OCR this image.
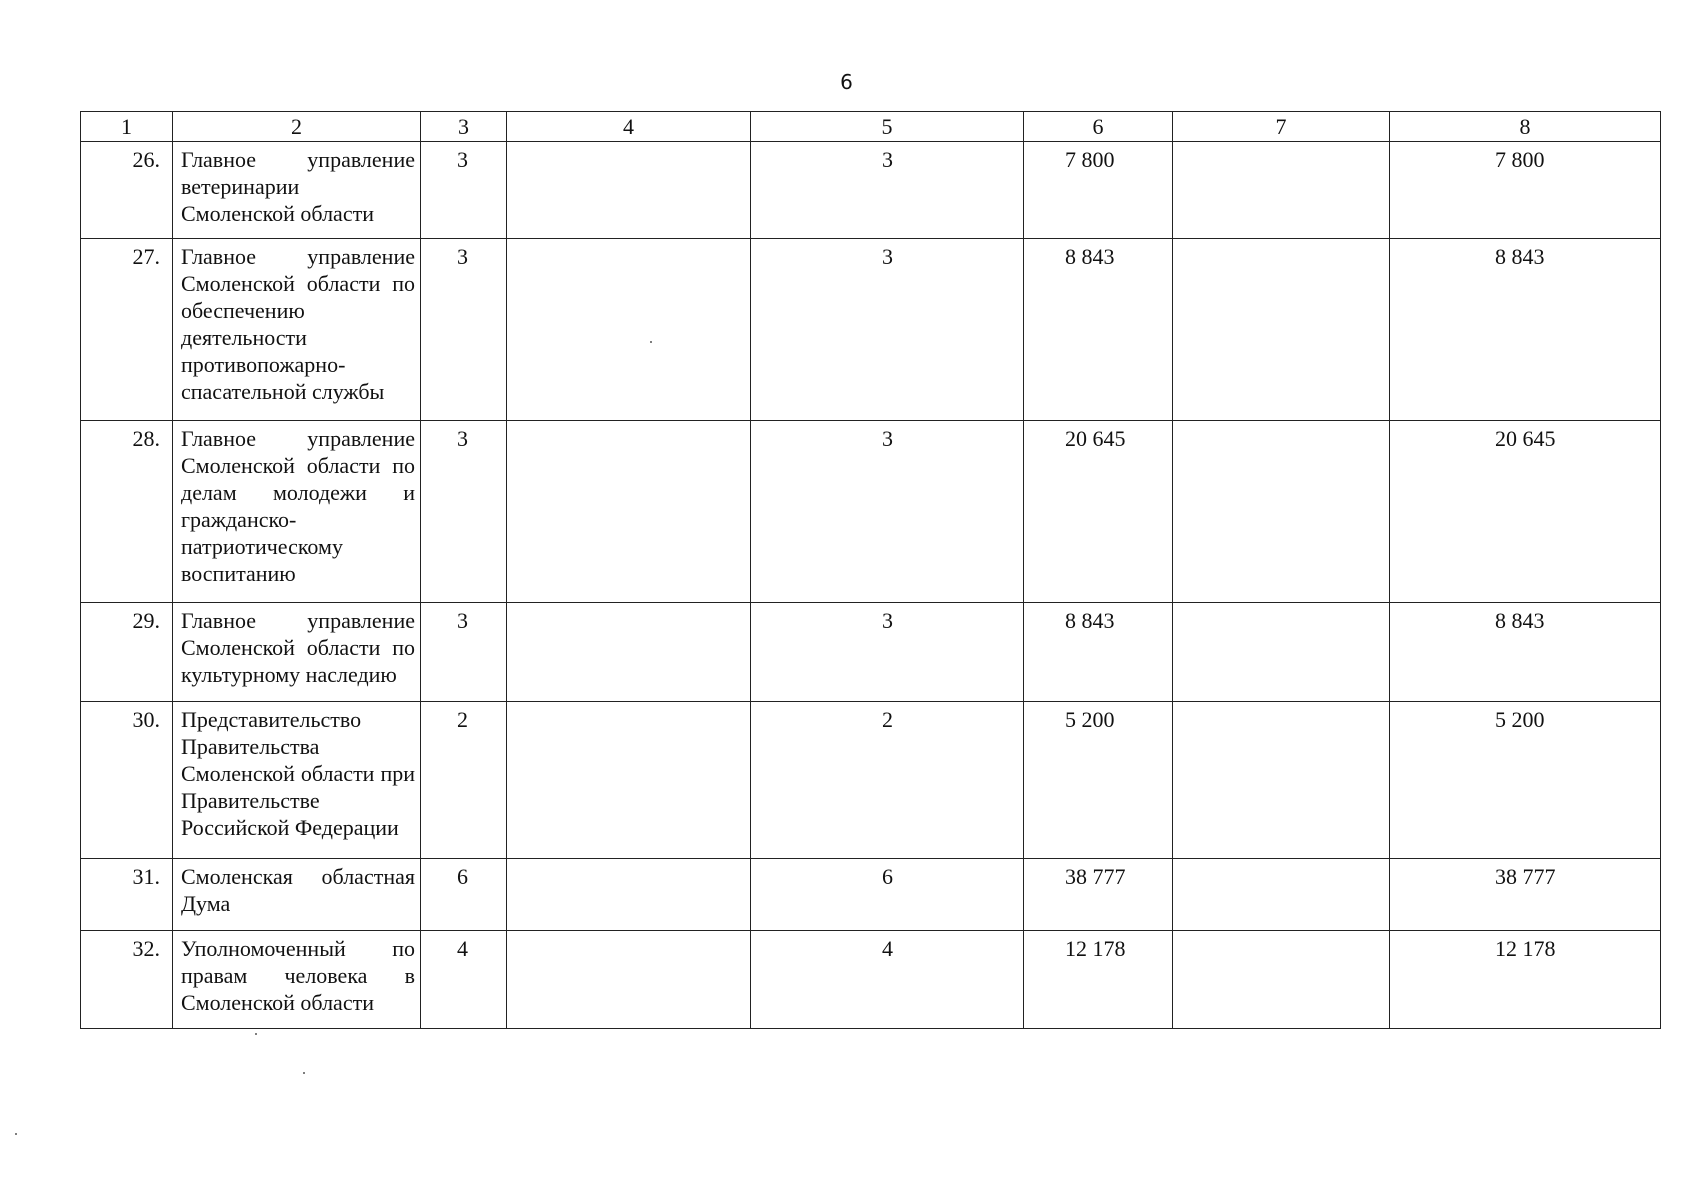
6
1	2	3	4	5	6	7	8
26.	Главное управление ветеринарии Смоленской области	3		3	7 800		7 800
27.	Главное управление Смоленской области по обеспечению деятельности противопожарно-спасательной службы	3		3	8 843		8 843
28.	Главное управление Смоленской области по делам молодежи и гражданско-патриотическому воспитанию	3		3	20 645		20 645
29.	Главное управление Смоленской области по культурному наследию	3		3	8 843		8 843
30.	Представительство Правительства Смоленской области при Правительстве Российской Федерации	2		2	5 200		5 200
31.	Смоленская областная Дума	6		6	38 777		38 777
32.	Уполномоченный по правам человека в Смоленской области	4		4	12 178		12 178
